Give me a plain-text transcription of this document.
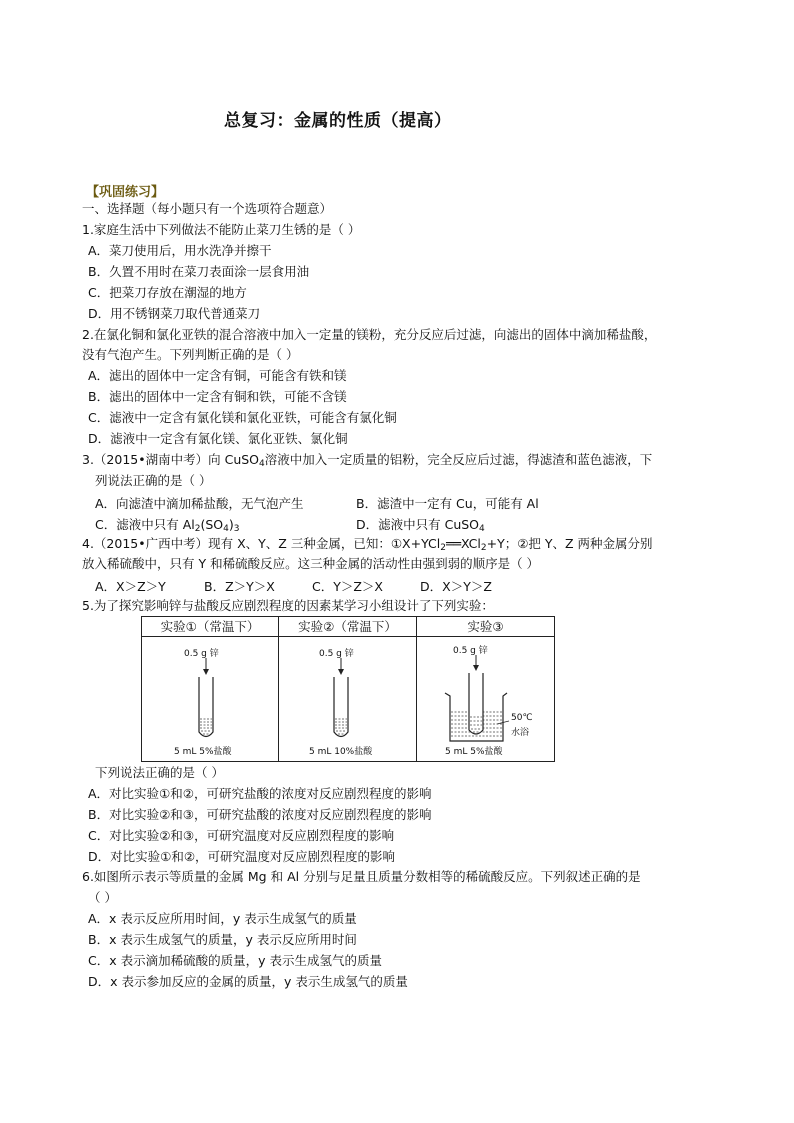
总复习：金属的性质（提高）
【巩固练习】
一、选择题（每小题只有一个选项符合题意）
1.家庭生活中下列做法不能防止菜刀生锈的是（ ）
A．菜刀使用后，用水洗净并擦干
B．久置不用时在菜刀表面涂一层食用油
C．把菜刀存放在潮湿的地方
D．用不锈钢菜刀取代普通菜刀
2.在氯化铜和氯化亚铁的混合溶液中加入一定量的镁粉，充分反应后过滤，向滤出的固体中滴加稀盐酸，
没有气泡产生。下列判断正确的是（ ）
A．滤出的固体中一定含有铜，可能含有铁和镁
B．滤出的固体中一定含有铜和铁，可能不含镁
C．滤液中一定含有氯化镁和氯化亚铁，可能含有氯化铜
D．滤液中一定含有氯化镁、氯化亚铁、氯化铜
3.（2015•湖南中考）向 CuSO$_4$溶液中加入一定质量的铝粉，完全反应后过滤，得滤渣和蓝色滤液，下
列说法正确的是（ ）
A．向滤渣中滴加稀盐酸，无气泡产生	B．滤渣中一定有 Cu，可能有 Al
C．滤液中只有 $Al_2(SO_4)_3$	D．滤液中只有 CuSO$_4$
4.（2015•广西中考）现有 X、Y、Z 三种金属，已知：①X+YCl$_2$══XCl$_2$+Y；②把 Y、Z 两种金属分别
放入稀硫酸中，只有 Y 和稀硫酸反应。这三种金属的活动性由强到弱的顺序是（ ）
A．X＞Z＞Y	B．Z＞Y＞X	C．Y＞Z＞X	D．X＞Y＞Z
5.为了探究影响锌与盐酸反应剧烈程度的因素某学习小组设计了下列实验：
实验①（常温下）
0.5 g 锌
5 mL 5%盐酸
实验②（常温下）
0.5 g 锌
5 mL 10%盐酸
实验③
0.5 g 锌
50℃
水浴
5 mL 5%盐酸
下列说法正确的是（ ）
A．对比实验①和②，可研究盐酸的浓度对反应剧烈程度的影响
B．对比实验②和③，可研究盐酸的浓度对反应剧烈程度的影响
C．对比实验②和③，可研究温度对反应剧烈程度的影响
D．对比实验①和②，可研究温度对反应剧烈程度的影响
6.如图所示表示等质量的金属 Mg 和 Al 分别与足量且质量分数相等的稀硫酸反应。下列叙述正确的是
（ ）
A．x 表示反应所用时间，y 表示生成氢气的质量
B．x 表示生成氢气的质量，y 表示反应所用时间
C．x 表示滴加稀硫酸的质量，y 表示生成氢气的质量
D．x 表示参加反应的金属的质量，y 表示生成氢气的质量
